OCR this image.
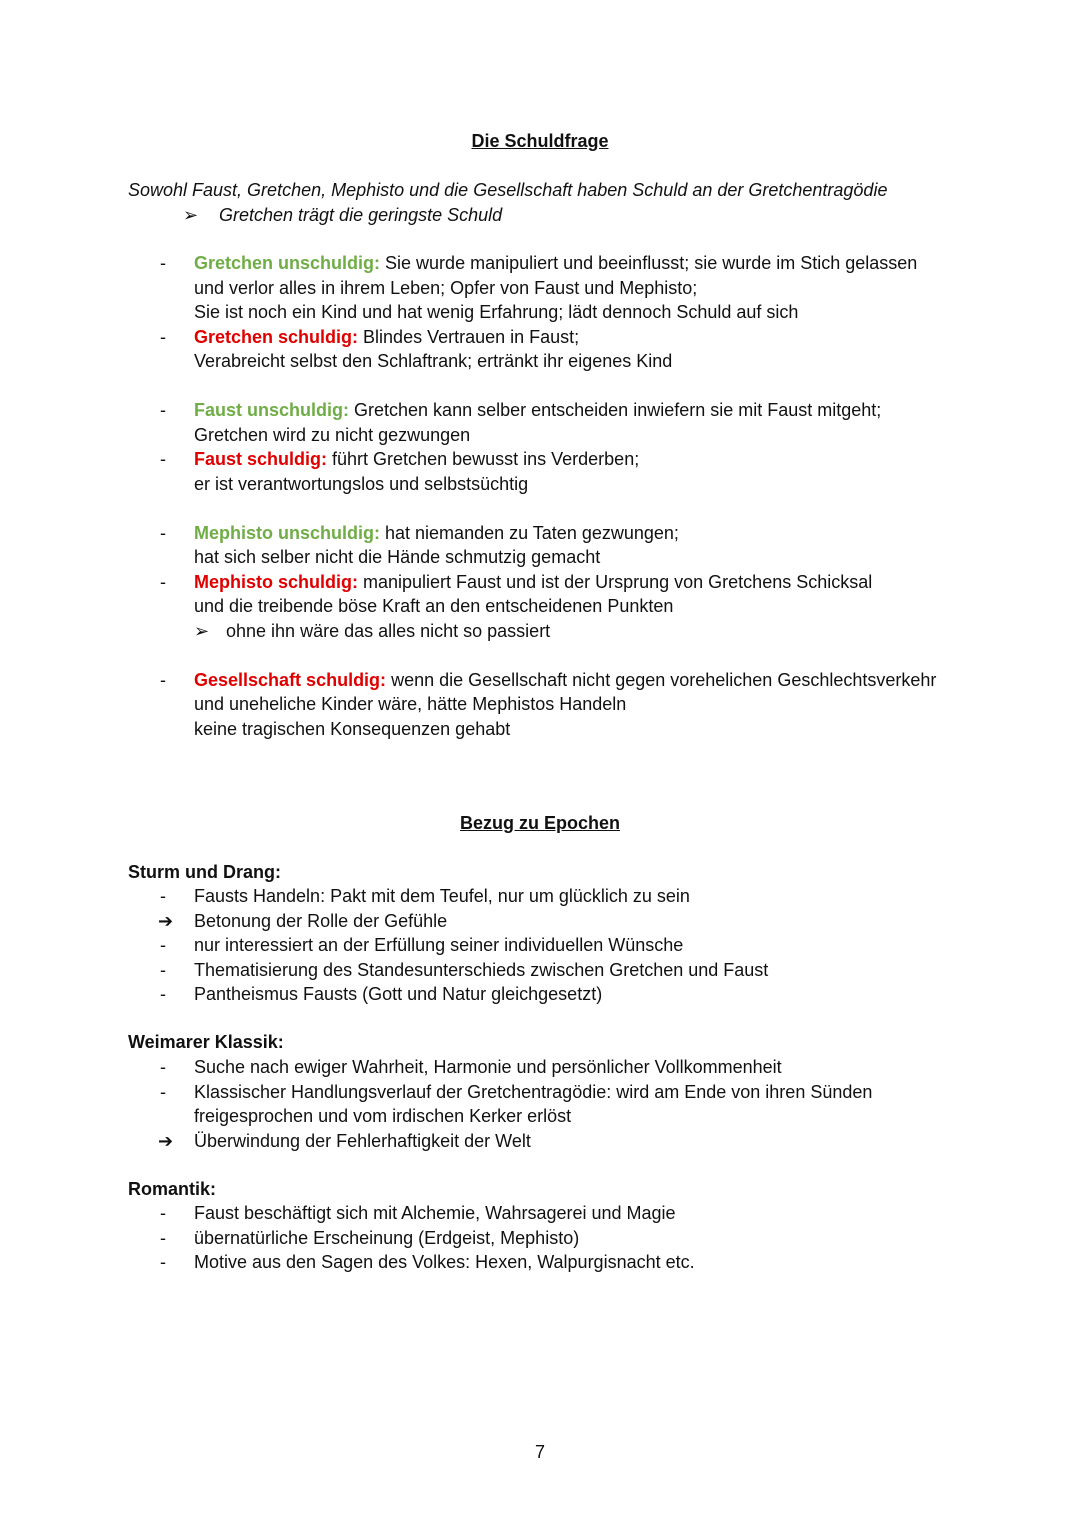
Die Schuldfrage
Sowohl Faust, Gretchen, Mephisto und die Gesellschaft haben Schuld an der Gretchentragödie
➢ Gretchen trägt die geringste Schuld
-	Gretchen unschuldig: Sie wurde manipuliert und beeinflusst; sie wurde im Stich gelassen
und verlor alles in ihrem Leben; Opfer von Faust und Mephisto;
Sie ist noch ein Kind und hat wenig Erfahrung; lädt dennoch Schuld auf sich
-	Gretchen schuldig: Blindes Vertrauen in Faust;
Verabreicht selbst den Schlaftrank; ertränkt ihr eigenes Kind
-	Faust unschuldig: Gretchen kann selber entscheiden inwiefern sie mit Faust mitgeht;
Gretchen wird zu nicht gezwungen
-	Faust schuldig: führt Gretchen bewusst ins Verderben;
er ist verantwortungslos und selbstsüchtig
-	Mephisto unschuldig: hat niemanden zu Taten gezwungen;
hat sich selber nicht die Hände schmutzig gemacht
-	Mephisto schuldig: manipuliert Faust und ist der Ursprung von Gretchens Schicksal
und die treibende böse Kraft an den entscheidenen Punkten
➢ ohne ihn wäre das alles nicht so passiert
-	Gesellschaft schuldig: wenn die Gesellschaft nicht gegen vorehelichen Geschlechtsverkehr
und uneheliche Kinder wäre, hätte Mephistos Handeln
keine tragischen Konsequenzen gehabt
Bezug zu Epochen
Sturm und Drang:
-	Fausts Handeln: Pakt mit dem Teufel, nur um glücklich zu sein
➔	Betonung der Rolle der Gefühle
-	nur interessiert an der Erfüllung seiner individuellen Wünsche
-	Thematisierung des Standesunterschieds zwischen Gretchen und Faust
-	Pantheismus Fausts (Gott und Natur gleichgesetzt)
Weimarer Klassik:
-	Suche nach ewiger Wahrheit, Harmonie und persönlicher Vollkommenheit
-	Klassischer Handlungsverlauf der Gretchentragödie: wird am Ende von ihren Sünden
freigesprochen und vom irdischen Kerker erlöst
➔	Überwindung der Fehlerhaftigkeit der Welt
Romantik:
-	Faust beschäftigt sich mit Alchemie, Wahrsagerei und Magie
-	übernatürliche Erscheinung (Erdgeist, Mephisto)
-	Motive aus den Sagen des Volkes: Hexen, Walpurgisnacht etc.
7
